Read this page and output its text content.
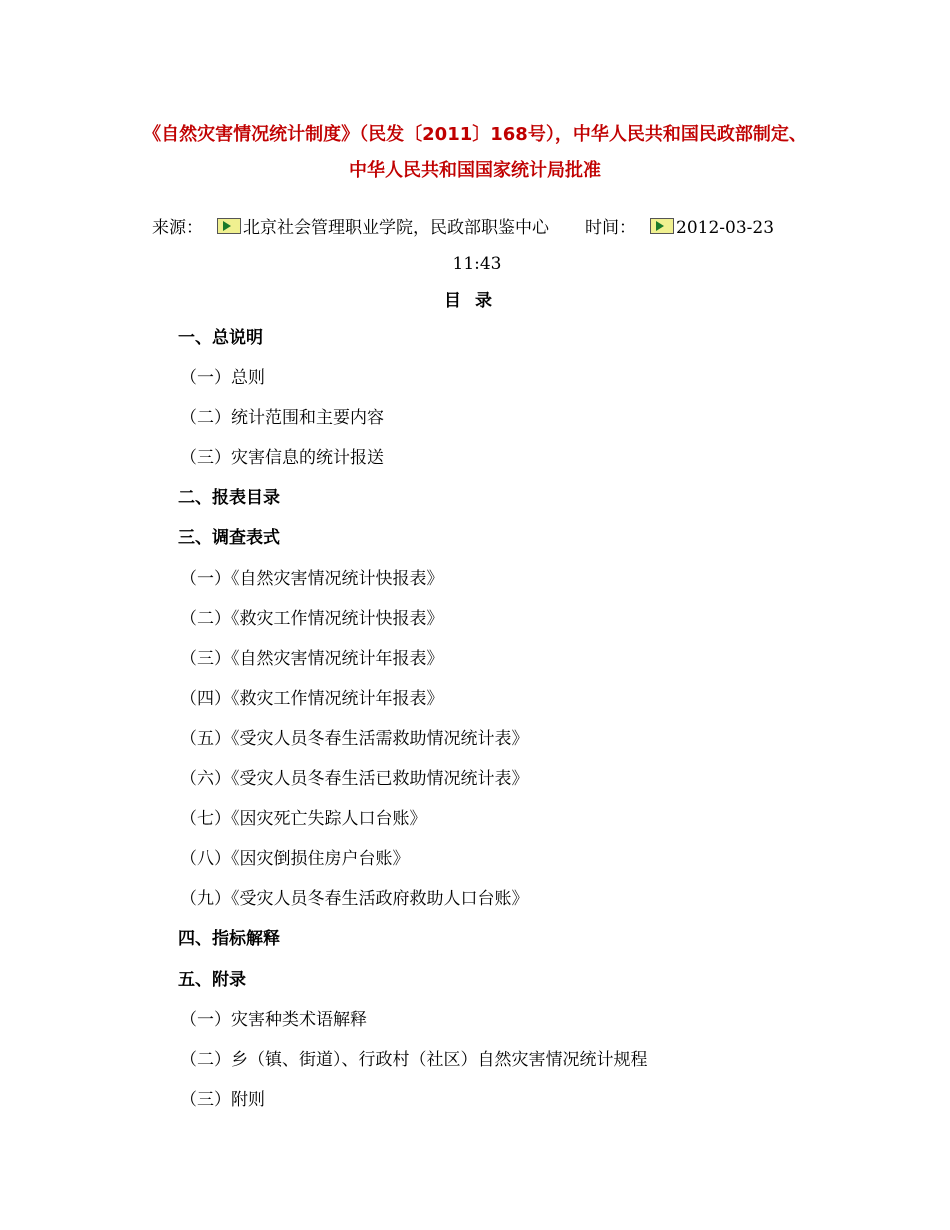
《自然灾害情况统计制度》（民发〔2011〕168号），中华人民共和国民政部制定、
中华人民共和国国家统计局批准
来源： 北京社会管理职业学院，民政部职鉴中心 时间： 2012-03-23
11:43
目录
一、总说明
（一）总则
（二）统计范围和主要内容
（三）灾害信息的统计报送
二、报表目录
三、调查表式
（一）《自然灾害情况统计快报表》
（二）《救灾工作情况统计快报表》
（三）《自然灾害情况统计年报表》
（四）《救灾工作情况统计年报表》
（五）《受灾人员冬春生活需救助情况统计表》
（六）《受灾人员冬春生活已救助情况统计表》
（七）《因灾死亡失踪人口台账》
（八）《因灾倒损住房户台账》
（九）《受灾人员冬春生活政府救助人口台账》
四、指标解释
五、附录
（一）灾害种类术语解释
（二）乡（镇、街道）、行政村（社区）自然灾害情况统计规程
（三）附则
